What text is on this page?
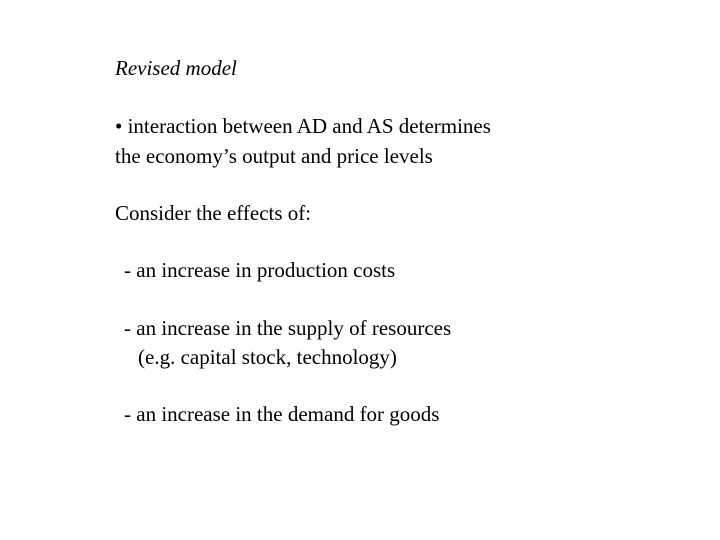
Revised model
• interaction between AD and AS determines
the economy’s output and price levels
Consider the effects of:
- an increase in production costs
- an increase in the supply of resources
(e.g. capital stock, technology)
- an increase in the demand for goods
